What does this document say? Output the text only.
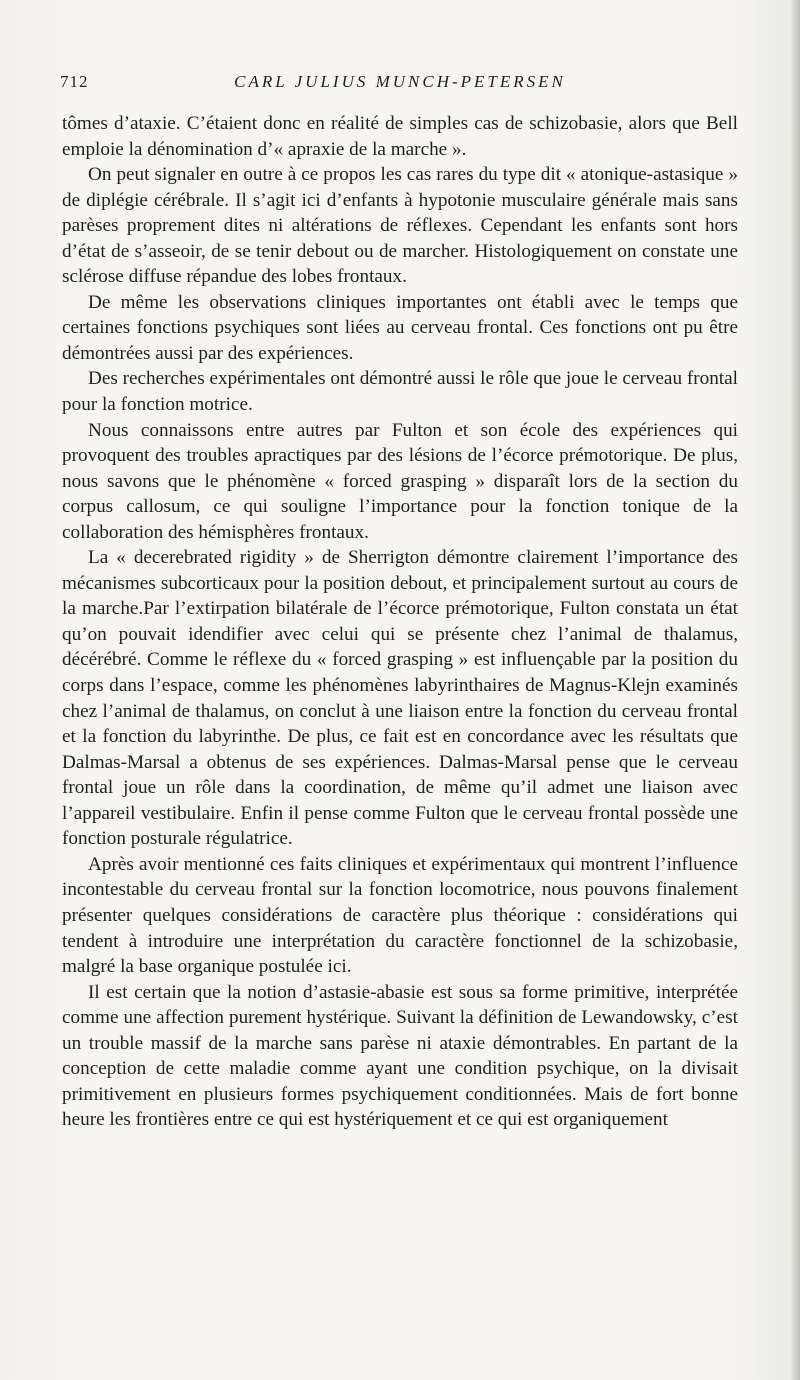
712	CARL JULIUS MUNCH-PETERSEN

tômes d’ataxie. C’étaient donc en réalité de simples cas de schizobasie, alors que Bell emploie la dénomination d’« apraxie de la marche ».

On peut signaler en outre à ce propos les cas rares du type dit « atonique-astasique » de diplégie cérébrale. Il s’agit ici d’enfants à hypotonie musculaire générale mais sans parèses proprement dites ni altérations de réflexes. Cependant les enfants sont hors d’état de s’asseoir, de se tenir debout ou de marcher. Histologiquement on constate une sclérose diffuse répandue des lobes frontaux.

De même les observations cliniques importantes ont établi avec le temps que certaines fonctions psychiques sont liées au cerveau frontal. Ces fonctions ont pu être démontrées aussi par des expériences.

Des recherches expérimentales ont démontré aussi le rôle que joue le cerveau frontal pour la fonction motrice.

Nous connaissons entre autres par Fulton et son école des expériences qui provoquent des troubles apractiques par des lésions de l’écorce prémotorique. De plus, nous savons que le phénomène « forced grasping » disparaît lors de la section du corpus callosum, ce qui souligne l’importance pour la fonction tonique de la collaboration des hémisphères frontaux.

La « decerebrated rigidity » de Sherrigton démontre clairement l’importance des mécanismes subcorticaux pour la position debout, et principalement surtout au cours de la marche.Par l’extirpation bilatérale de l’écorce prémotorique, Fulton constata un état qu’on pouvait idendifier avec celui qui se présente chez l’animal de thalamus, décérébré. Comme le réflexe du « forced grasping » est influençable par la position du corps dans l’espace, comme les phénomènes labyrinthaires de Magnus-Klejn examinés chez l’animal de thalamus, on conclut à une liaison entre la fonction du cerveau frontal et la fonction du labyrinthe. De plus, ce fait est en concordance avec les résultats que Dalmas-Marsal a obtenus de ses expériences. Dalmas-Marsal pense que le cerveau frontal joue un rôle dans la coordination, de même qu’il admet une liaison avec l’appareil vestibulaire. Enfin il pense comme Fulton que le cerveau frontal possède une fonction posturale régulatrice.

Après avoir mentionné ces faits cliniques et expérimentaux qui montrent l’influence incontestable du cerveau frontal sur la fonction locomotrice, nous pouvons finalement présenter quelques considérations de caractère plus théorique : considérations qui tendent à introduire une interprétation du caractère fonctionnel de la schizobasie, malgré la base organique postulée ici.

Il est certain que la notion d’astasie-abasie est sous sa forme primitive, interprétée comme une affection purement hystérique. Suivant la définition de Lewandowsky, c’est un trouble massif de la marche sans parèse ni ataxie démontrables. En partant de la conception de cette maladie comme ayant une condition psychique, on la divisait primitivement en plusieurs formes psychiquement conditionnées. Mais de fort bonne heure les frontières entre ce qui est hystériquement et ce qui est organiquement
